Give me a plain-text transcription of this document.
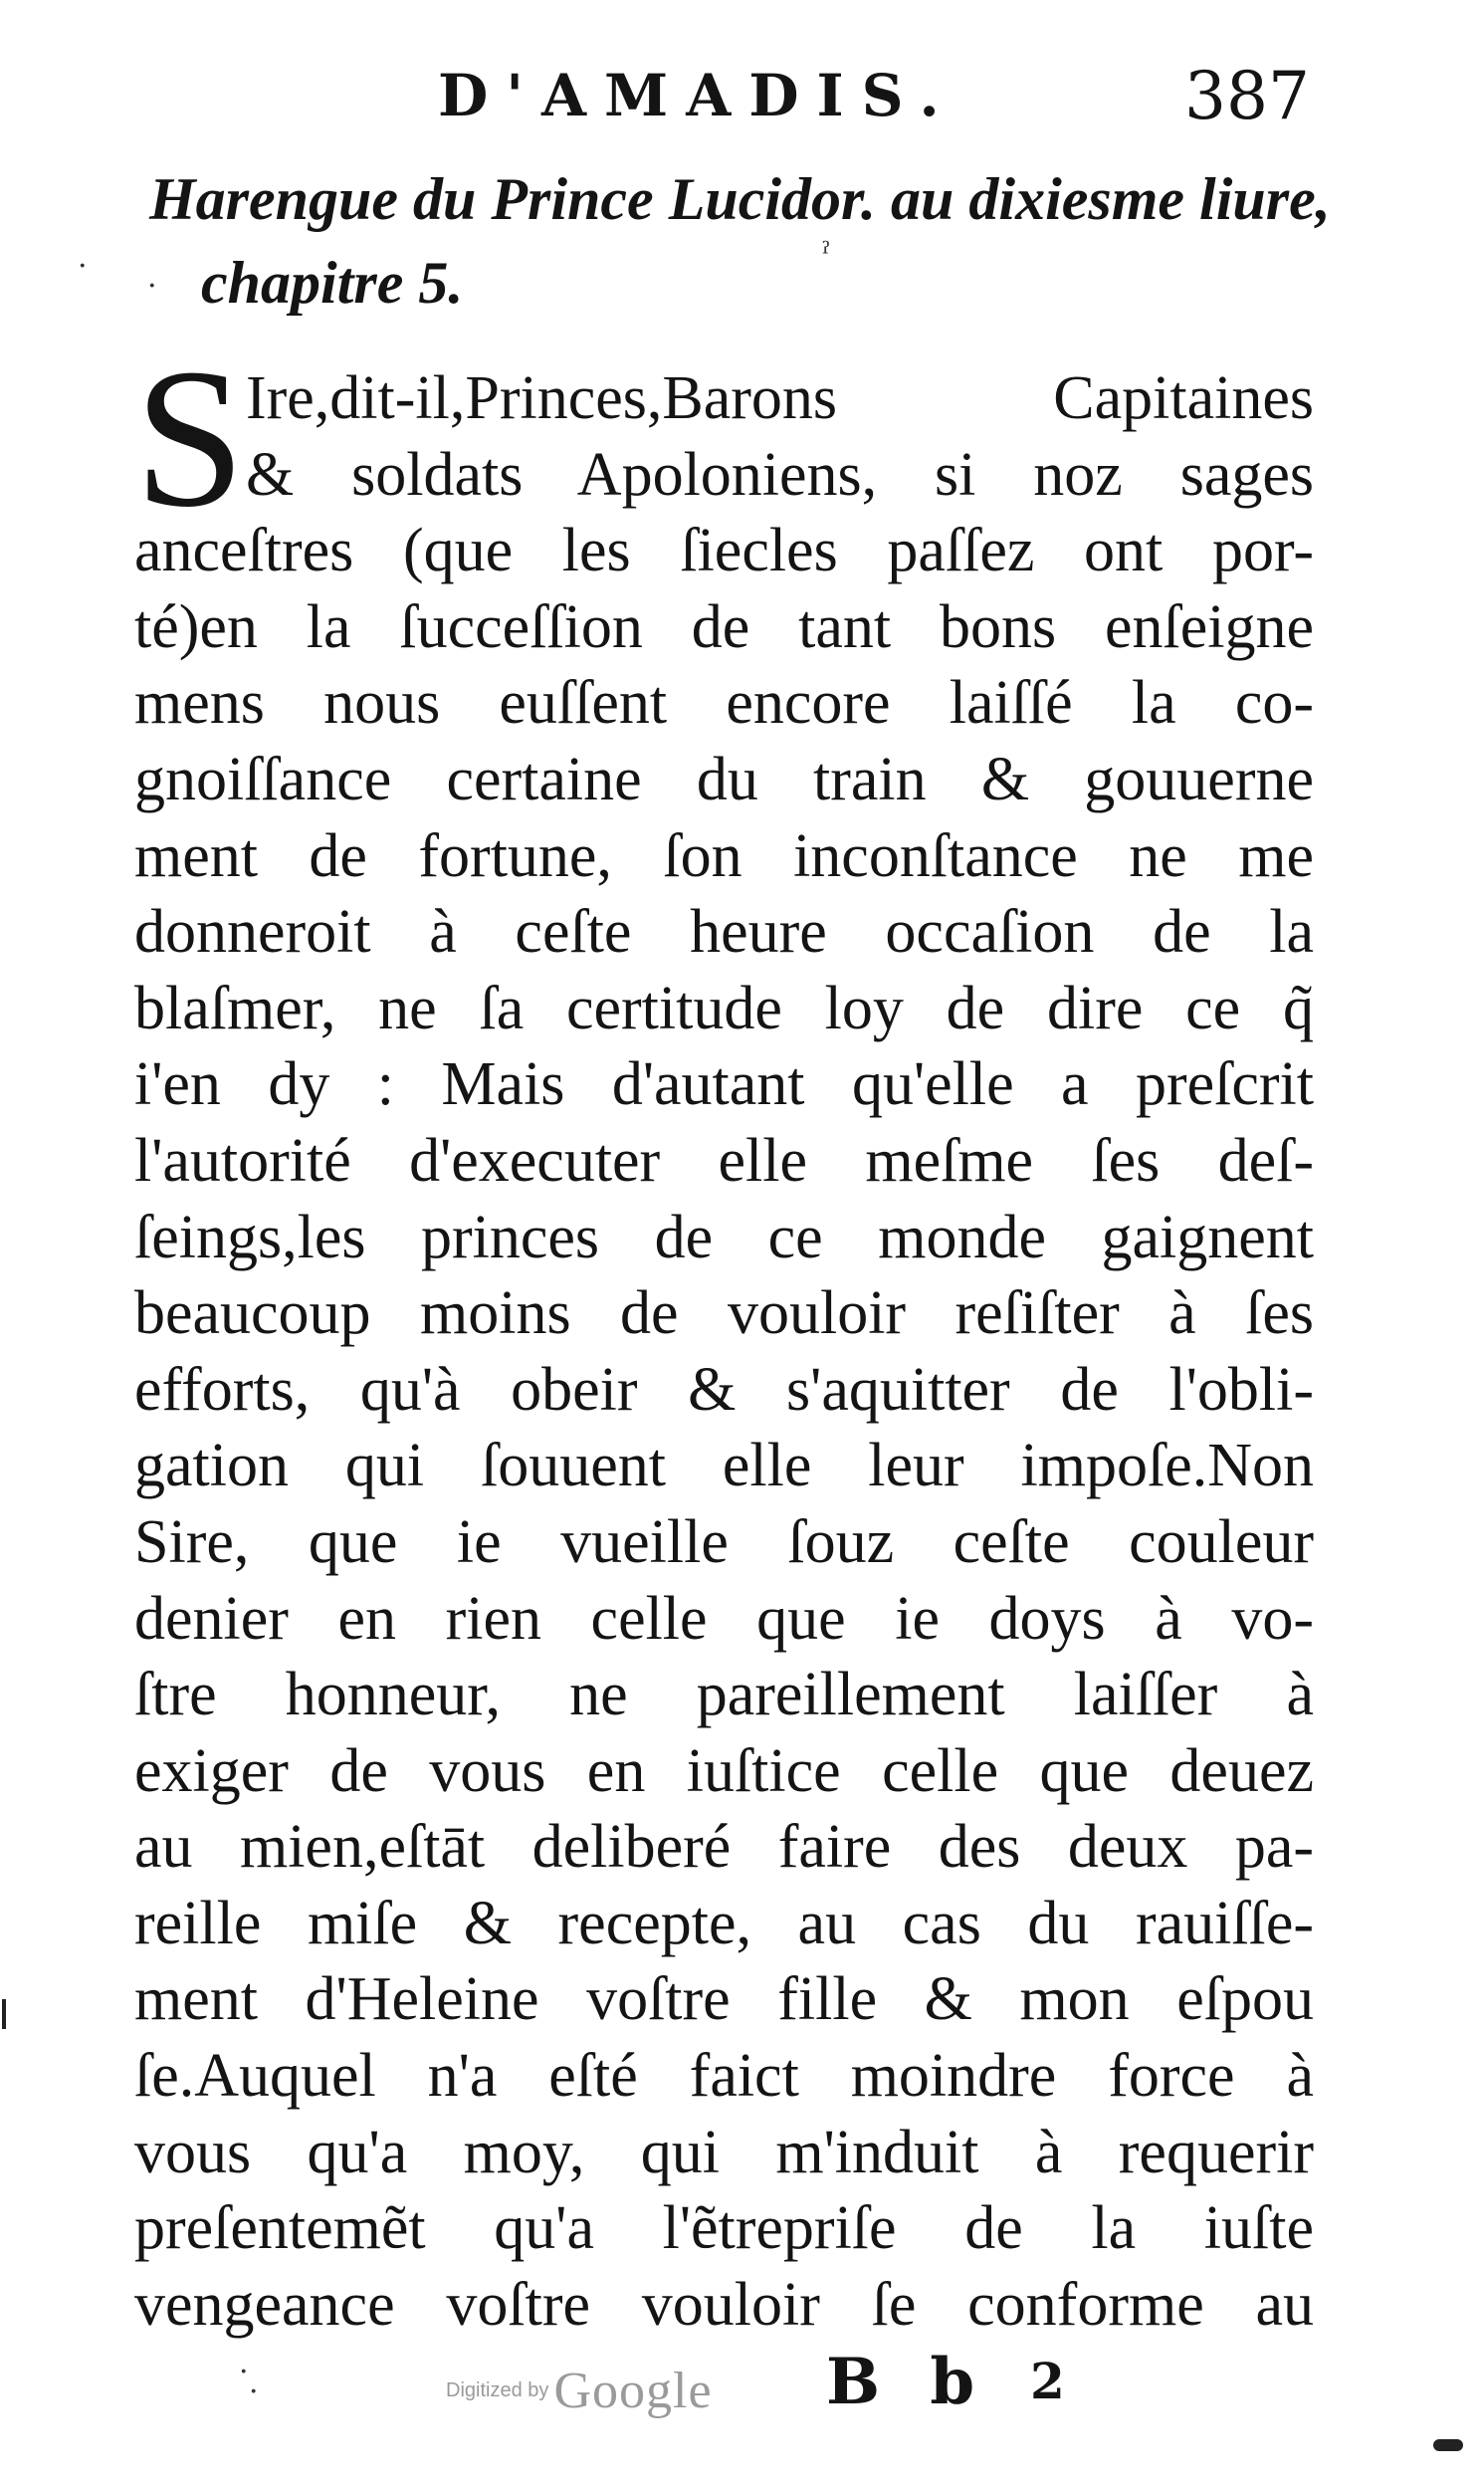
D'AMADIS.	387
Harengue du Prince Lucidor. au dixiesme liure,
chapitre 5.
·
·
ˀ
S Ire,dit-il,Princes,Barons Capitaines
& soldats Apoloniens, si noz sages
anceſtres (que les ſiecles paſſez ont por-
té)en la ſucceſſion de tant bons enſeigne
mens nous euſſent encore laiſſé la co-
gnoiſſance certaine du train & gouuerne
ment de fortune, ſon inconſtance ne me
donneroit à ceſte heure occaſion de la
blaſmer, ne ſa certitude loy de dire ce q̃
i'en dy : Mais d'autant qu'elle a preſcrit
l'autorité d'executer elle meſme ſes deſ-
ſeings,les princes de ce monde gaignent
beaucoup moins de vouloir reſiſter à ſes
efforts, qu'à obeir & s'aquitter de l'obli-
gation qui ſouuent elle leur impoſe.Non
Sire, que ie vueille ſouz ceſte couleur
denier en rien celle que ie doys à vo-
ſtre honneur, ne pareillement laiſſer à
exiger de vous en iuſtice celle que deuez
au mien,eſtāt deliberé faire des deux pa-
reille miſe & recepte, au cas du rauiſſe-
ment d'Heleine voſtre fille & mon eſpou
ſe.Auquel n'a eſté faict moindre force à
vous qu'a moy, qui m'induit à requerir
preſentemẽt qu'a l'ẽtrepriſe de la iuſte
vengeance voſtre vouloir ſe conforme au
·
·	Digitized by Google B b 2
